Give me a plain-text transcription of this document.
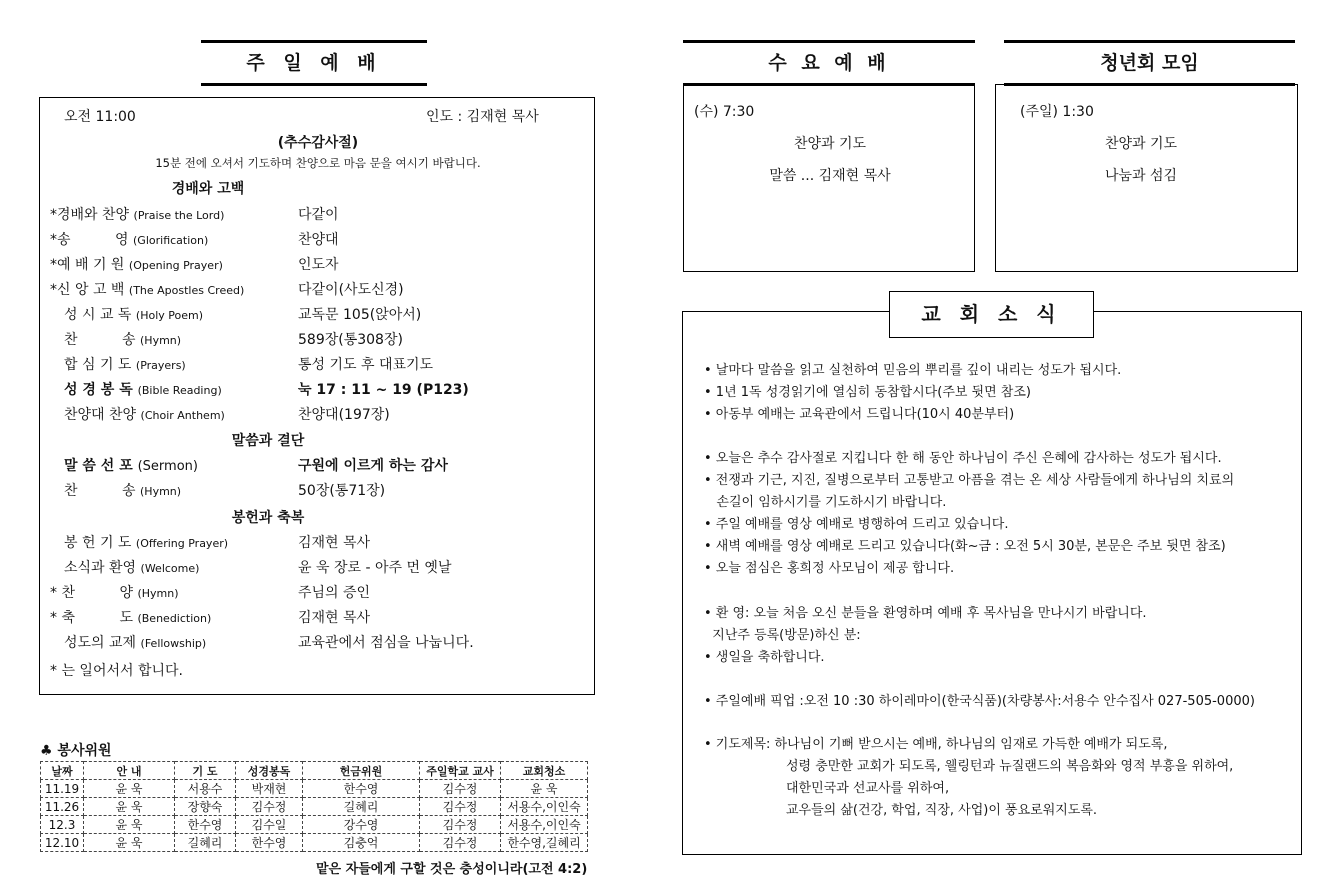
주 일 예 배
오전 11:00	인도 : 김재현 목사
(추수감사절)
15분 전에 오셔서 기도하며 찬양으로 마음 문을 여시기 바랍니다.
경배와 고백
*경배와 찬양 (Praise the Lord)	다같이
*송          영 (Glorification)	찬양대
*예 배 기 원 (Opening Prayer)	인도자
*신 앙 고 백 (The Apostles Creed)	다같이(사도신경)
성 시 교 독 (Holy Poem)	교독문 105(앉아서)
찬          송 (Hymn)	589장(통308장)
합 심 기 도 (Prayers)	통성 기도 후 대표기도
성 경 봉 독 (Bible Reading)	눅 17 : 11 ~ 19 (P123)
찬양대 찬양 (Choir Anthem)	찬양대(197장)
말씀과 결단
말 씀 선 포 (Sermon)	구원에 이르게 하는 감사
찬          송 (Hymn)	50장(통71장)
봉헌과 축복
봉 헌 기 도 (Offering Prayer)	김재현 목사
소식과 환영 (Welcome)	윤 욱 장로 - 아주 먼 옛날
* 찬          양 (Hymn)	주님의 증인
* 축          도 (Benediction)	김재현 목사
성도의 교제 (Fellowship)	교육관에서 점심을 나눕니다.
* 는 일어서서 합니다.
♣ 봉사위원
날짜	안 내	기 도	성경봉독	헌금위원	주일학교 교사	교회청소
11.19	윤 욱	서용수	박재현	한수영	김수정	윤 욱
11.26	윤 욱	장향숙	김수정	길혜리	김수정	서용수,이인숙
12.3	윤 욱	한수영	김수일	강수영	김수정	서용수,이인숙
12.10	윤 욱	길혜리	한수영	김충억	김수정	한수영,길혜리
맡은 자들에게 구할 것은 충성이니라(고전 4:2)
수 요 예 배
(수) 7:30
찬양과 기도
말씀 ... 김재현 목사
청년회 모임
(주일) 1:30
찬양과 기도
나눔과 섬김
교 회 소 식
• 날마다 말씀을 읽고 실천하여 믿음의 뿌리를 깊이 내리는 성도가 됩시다.
• 1년 1독 성경읽기에 열심히 동참합시다(주보 뒷면 참조)
• 아동부 예배는 교육관에서 드립니다(10시 40분부터)
• 오늘은 추수 감사절로 지킵니다 한 해 동안 하나님이 주신 은혜에 감사하는 성도가 됩시다.
• 전쟁과 기근, 지진, 질병으로부터 고통받고 아픔을 겪는 온 세상 사람들에게 하나님의 치료의
손길이 임하시기를 기도하시기 바랍니다.
• 주일 예배를 영상 예배로 병행하여 드리고 있습니다.
• 새벽 예배를 영상 예배로 드리고 있습니다(화~금 : 오전 5시 30분, 본문은 주보 뒷면 참조)
• 오늘 점심은 홍희정 사모님이 제공 합니다.
• 환 영: 오늘 처음 오신 분들을 환영하며 예배 후 목사님을 만나시기 바랍니다.
지난주 등록(방문)하신 분:
• 생일을 축하합니다.
• 주일예배 픽업 :오전 10 :30 하이레마이(한국식품)(차량봉사:서용수 안수집사 027-505-0000)
• 기도제목: 하나님이 기뻐 받으시는 예배, 하나님의 임재로 가득한 예배가 되도록,
성령 충만한 교회가 되도록, 웰링턴과 뉴질랜드의 복음화와 영적 부흥을 위하여,
대한민국과 선교사를 위하여,
교우들의 삶(건강, 학업, 직장, 사업)이 풍요로워지도록.
